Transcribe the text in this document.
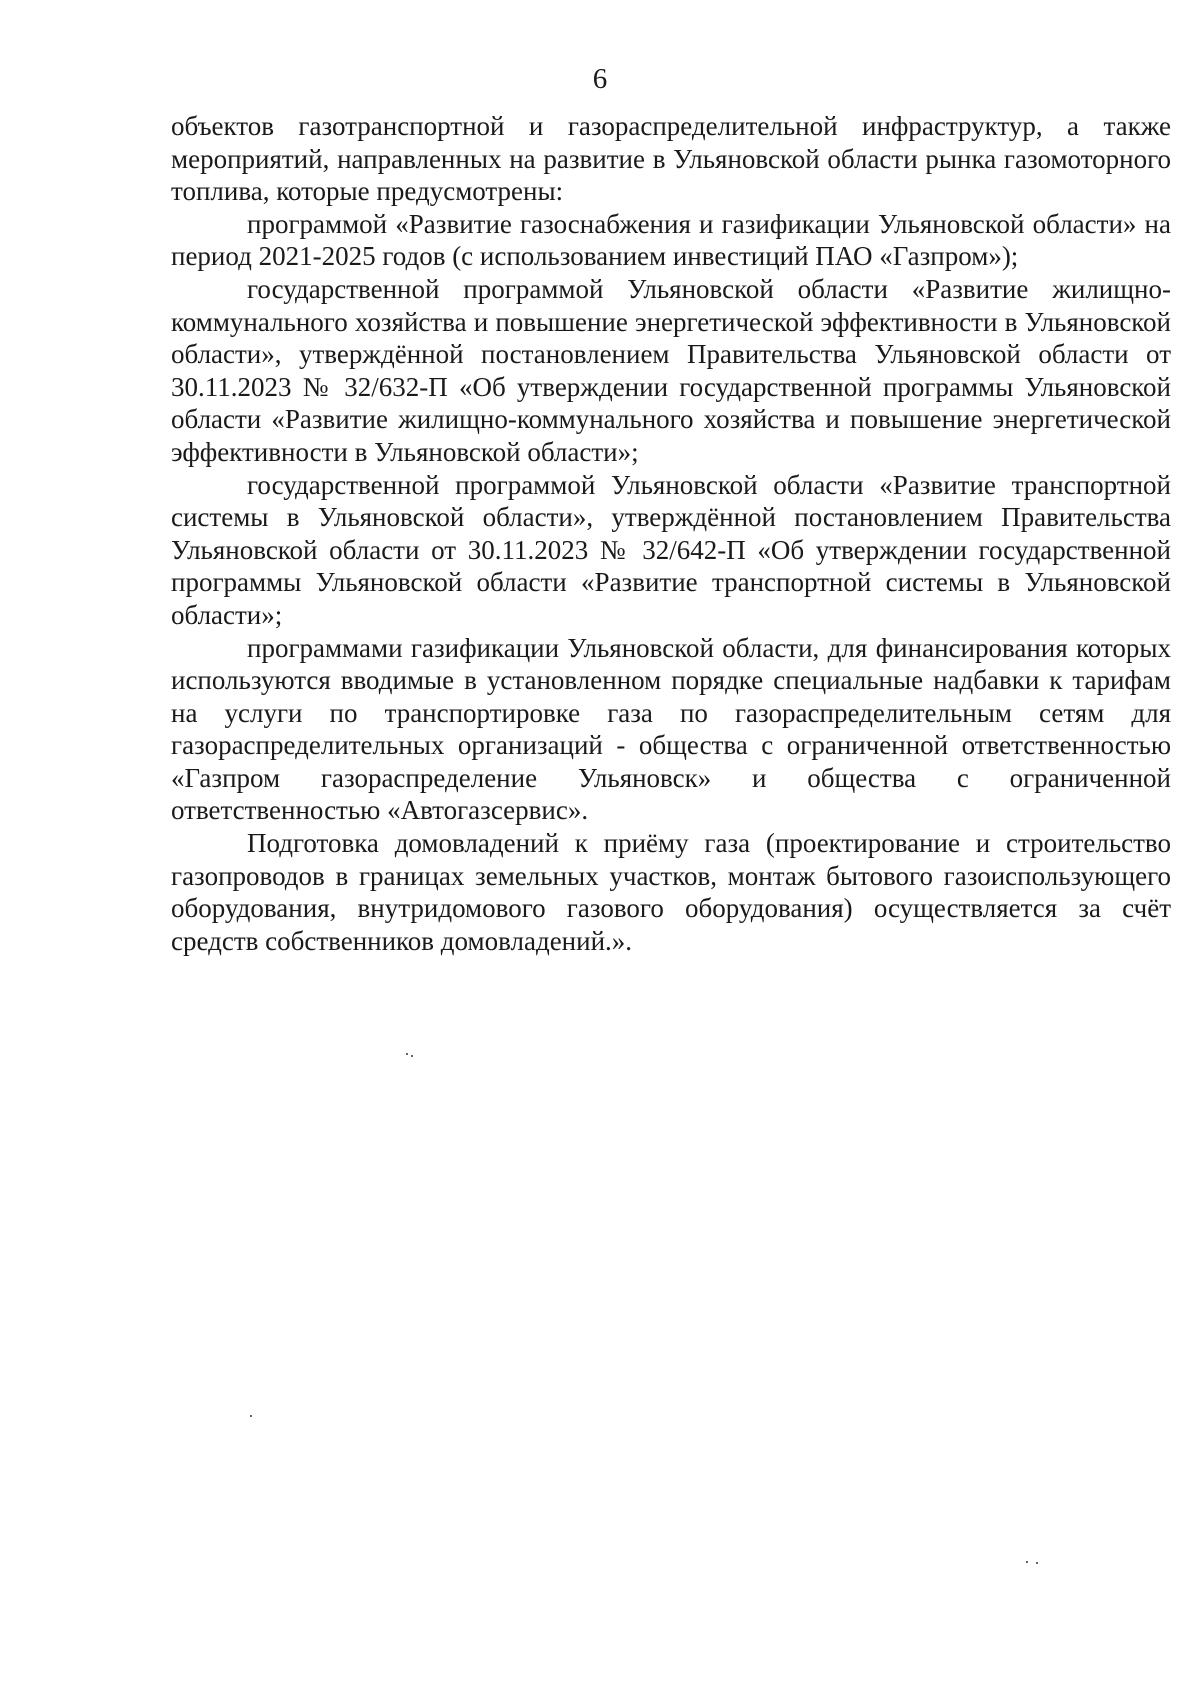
6

объектов газотранспортной и газораспределительной инфраструктур, а также мероприятий, направленных на развитие в Ульяновской области рынка газомоторного топлива, которые предусмотрены:

программой «Развитие газоснабжения и газификации Ульяновской области» на период 2021-2025 годов (с использованием инвестиций ПАО «Газпром»);

государственной программой Ульяновской области «Развитие жилищно-коммунального хозяйства и повышение энергетической эффективности в Ульяновской области», утверждённой постановлением Правительства Ульяновской области от 30.11.2023 № 32/632-П «Об утверждении государственной программы Ульяновской области «Развитие жилищно-коммунального хозяйства и повышение энергетической эффективности в Ульяновской области»;

государственной программой Ульяновской области «Развитие транспортной системы в Ульяновской области», утверждённой постановлением Правительства Ульяновской области от 30.11.2023 № 32/642-П «Об утверждении государственной программы Ульяновской области «Развитие транспортной системы в Ульяновской области»;

программами газификации Ульяновской области, для финансирования которых используются вводимые в установленном порядке специальные надбавки к тарифам на услуги по транспортировке газа по газораспределительным сетям для газораспределительных организаций - общества с ограниченной ответственностью «Газпром газораспределение Ульяновск» и общества с ограниченной ответственностью «Автогазсервис».

Подготовка домовладений к приёму газа (проектирование и строительство газопроводов в границах земельных участков, монтаж бытового газоиспользующего оборудования, внутридомового газового оборудования) осуществляется за счёт средств собственников домовладений.».
